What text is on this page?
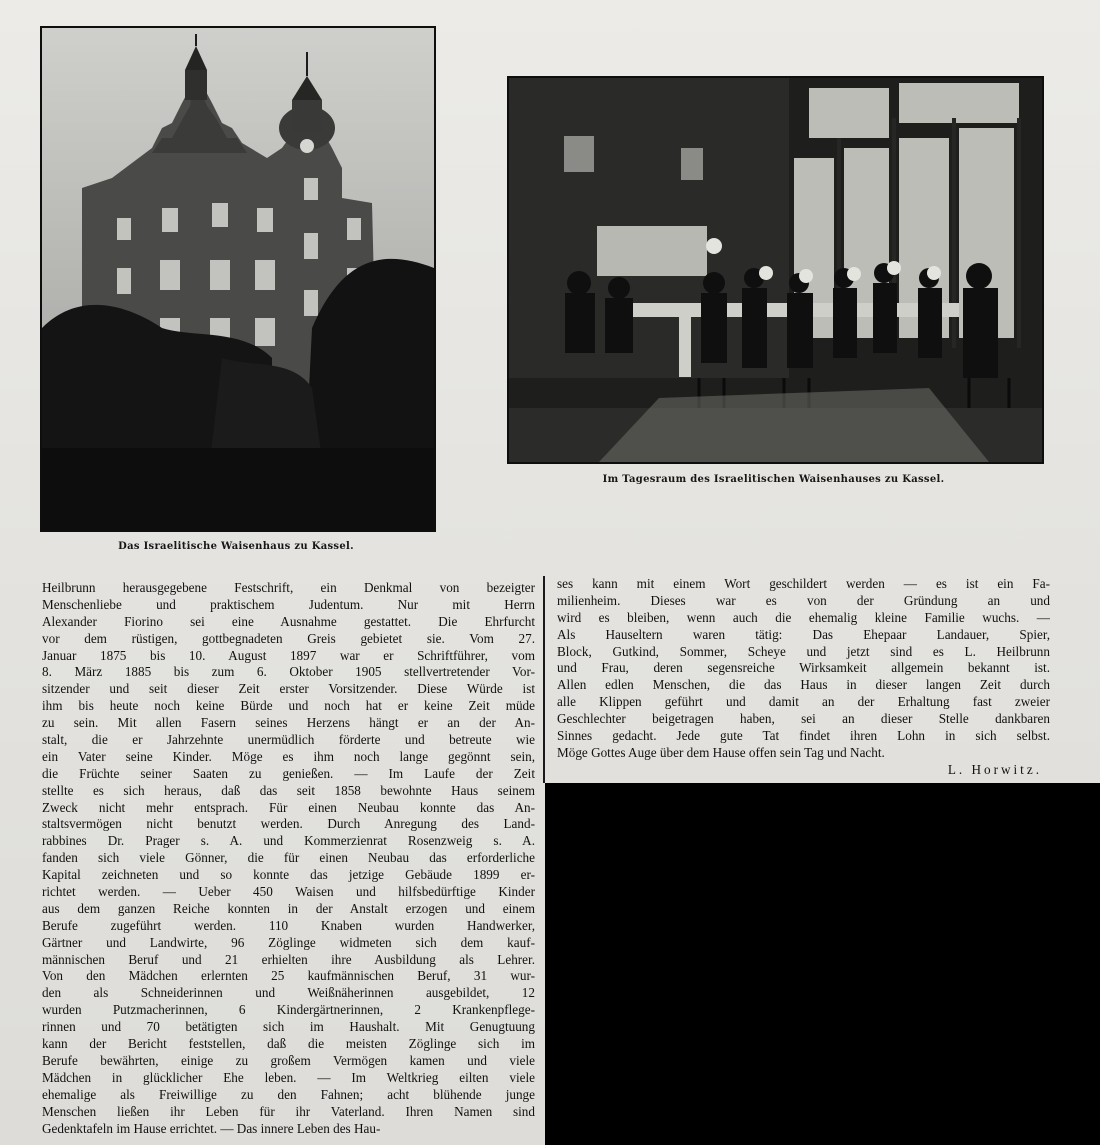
Das Israelitische Waisenhaus zu Kassel.
Im Tagesraum des Israelitischen Waisenhauses zu Kassel.
Heilbrunn herausgegebene Festschrift, ein Denkmal von bezeigter
Menschenliebe und praktischem Judentum. Nur mit Herrn
Alexander Fiorino sei eine Ausnahme gestattet. Die Ehrfurcht
vor dem rüstigen, gottbegnadeten Greis gebietet sie. Vom 27.
Januar 1875 bis 10. August 1897 war er Schriftführer, vom
8. März 1885 bis zum 6. Oktober 1905 stellvertretender Vor-
sitzender und seit dieser Zeit erster Vorsitzender. Diese Würde ist
ihm bis heute noch keine Bürde und noch hat er keine Zeit müde
zu sein. Mit allen Fasern seines Herzens hängt er an der An-
stalt, die er Jahrzehnte unermüdlich förderte und betreute wie
ein Vater seine Kinder. Möge es ihm noch lange gegönnt sein,
die Früchte seiner Saaten zu genießen. — Im Laufe der Zeit
stellte es sich heraus, daß das seit 1858 bewohnte Haus seinem
Zweck nicht mehr entsprach. Für einen Neubau konnte das An-
staltsvermögen nicht benutzt werden. Durch Anregung des Land-
rabbines Dr. Prager s. A. und Kommerzienrat Rosenzweig s. A.
fanden sich viele Gönner, die für einen Neubau das erforderliche
Kapital zeichneten und so konnte das jetzige Gebäude 1899 er-
richtet werden. — Ueber 450 Waisen und hilfsbedürftige Kinder
aus dem ganzen Reiche konnten in der Anstalt erzogen und einem
Berufe zugeführt werden. 110 Knaben wurden Handwerker,
Gärtner und Landwirte, 96 Zöglinge widmeten sich dem kauf-
männischen Beruf und 21 erhielten ihre Ausbildung als Lehrer.
Von den Mädchen erlernten 25 kaufmännischen Beruf, 31 wur-
den als Schneiderinnen und Weißnäherinnen ausgebildet, 12
wurden Putzmacherinnen, 6 Kindergärtnerinnen, 2 Krankenpflege-
rinnen und 70 betätigten sich im Haushalt. Mit Genugtuung
kann der Bericht feststellen, daß die meisten Zöglinge sich im
Berufe bewährten, einige zu großem Vermögen kamen und viele
Mädchen in glücklicher Ehe leben. — Im Weltkrieg eilten viele
ehemalige als Freiwillige zu den Fahnen; acht blühende junge
Menschen ließen ihr Leben für ihr Vaterland. Ihren Namen sind
Gedenktafeln im Hause errichtet. — Das innere Leben des Hau-
ses kann mit einem Wort geschildert werden — es ist ein Fa-
milienheim. Dieses war es von der Gründung an und
wird es bleiben, wenn auch die ehemalig kleine Familie wuchs. —
Als Hauseltern waren tätig: Das Ehepaar Landauer, Spier,
Block, Gutkind, Sommer, Scheye und jetzt sind es L. Heilbrunn
und Frau, deren segensreiche Wirksamkeit allgemein bekannt ist.
Allen edlen Menschen, die das Haus in dieser langen Zeit durch
alle Klippen geführt und damit an der Erhaltung fast zweier
Geschlechter beigetragen haben, sei an dieser Stelle dankbaren
Sinnes gedacht. Jede gute Tat findet ihren Lohn in sich selbst.
Möge Gottes Auge über dem Hause offen sein Tag und Nacht.
L. Horwitz.
